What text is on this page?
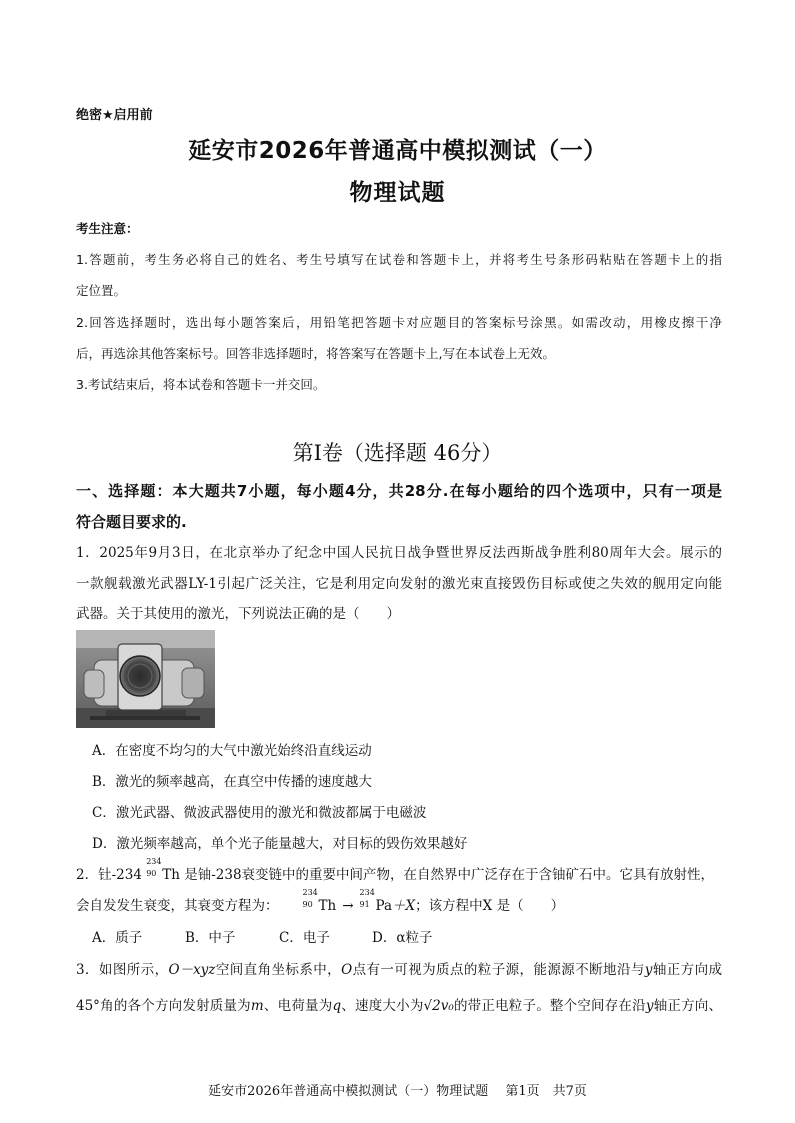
绝密★启用前
延安市2026年普通高中模拟测试（一）
物理试题
考生注意：
1.答题前，考生务必将自己的姓名、考生号填写在试卷和答题卡上，并将考生号条形码粘贴在答题卡上的指
定位置。
2.回答选择题时，选出每小题答案后，用铅笔把答题卡对应题目的答案标号涂黑。如需改动，用橡皮擦干净
后，再选涂其他答案标号。回答非选择题时，将答案写在答题卡上,写在本试卷上无效。
3.考试结束后，将本试卷和答题卡一并交回。
第Ⅰ卷（选择题 46分）
一、选择题：本大题共7小题，每小题4分，共28分.在每小题给的四个选项中，只有一项是
符合题目要求的.
1．2025年9月3日，在北京举办了纪念中国人民抗日战争暨世界反法西斯战争胜利80周年大会。展示的
一款舰载激光武器LY-1引起广泛关注，它是利用定向发射的激光束直接毁伤目标或使之失效的舰用定向能
武器。关于其使用的激光，下列说法正确的是（　　）
A．在密度不均匀的大气中激光始终沿直线运动
B．激光的频率越高，在真空中传播的速度越大
C．激光武器、微波武器使用的激光和微波都属于电磁波
D．激光频率越高，单个光子能量越大，对目标的毁伤效果越好
2．钍-234
234
90 Th 是铀-238衰变链中的重要中间产物，在自然界中广泛存在于含铀矿石中。它具有放射性，
会自发发生衰变，其衰变方程为：
234
90 Th →
234
91 Pa＋X；该方程中X 是（　　）
A．质子	B．中子	C．电子	D．α粒子
3．如图所示，O－xyz空间直角坐标系中，O点有一可视为质点的粒子源，能源源不断地沿与y轴正方向成
45°角的各个方向发射质量为m、电荷量为q、速度大小为√2v₀的带正电粒子。整个空间存在沿y轴正方向、
延安市2026年普通高中模拟测试（一）物理试题　 第1页　共7页
